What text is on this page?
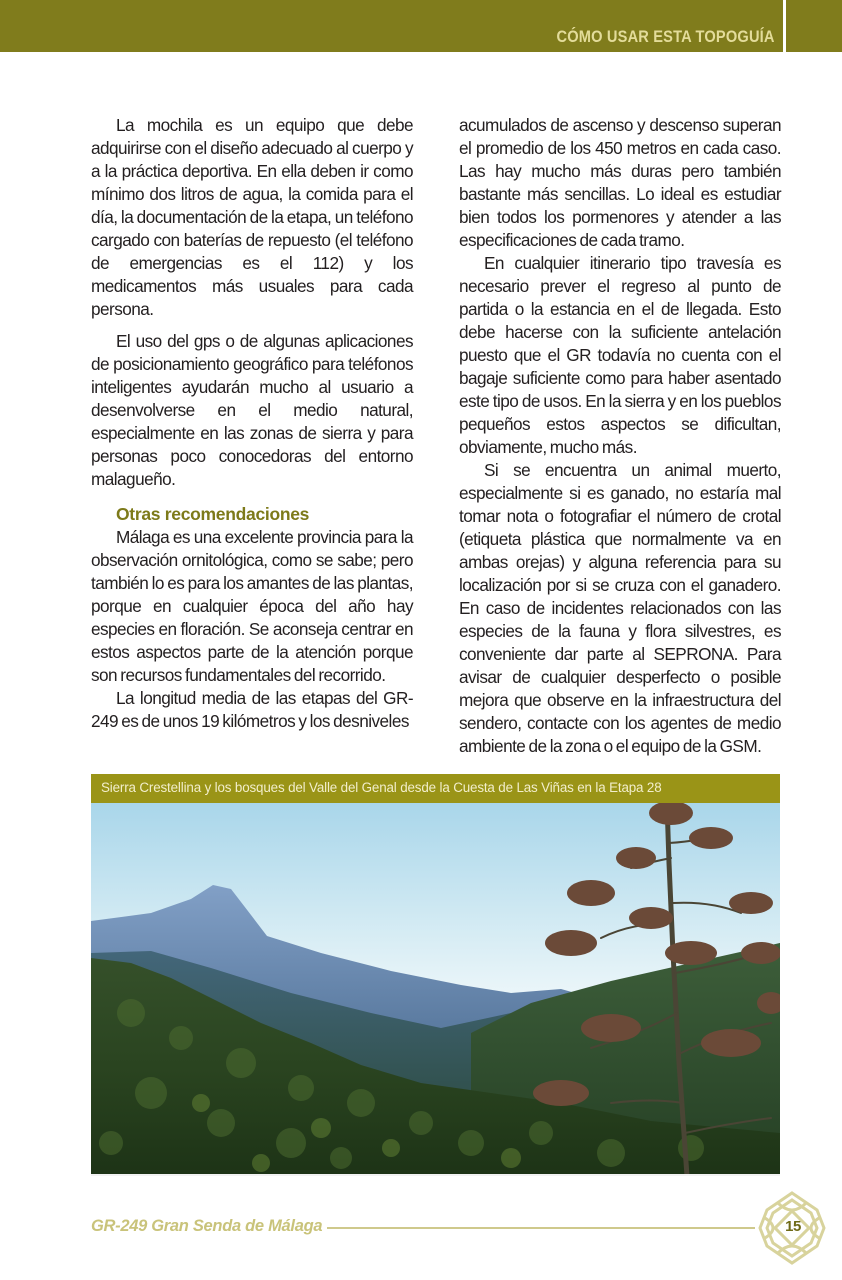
CÓMO USAR ESTA TOPOGUÍA

La mochila es un equipo que debe adquirirse con el diseño adecuado al cuerpo y a la práctica deportiva. En ella deben ir como mínimo dos litros de agua, la comida para el día, la documentación de la etapa, un teléfono cargado con baterías de repuesto (el teléfono de emergencias es el 112) y los medicamentos más usuales para cada persona.

El uso del gps o de algunas aplicaciones de posicionamiento geográfico para teléfonos inteligentes ayudarán mucho al usuario a desenvolverse en el medio natural, especialmente en las zonas de sierra y para personas poco conocedoras del entorno malagueño.

Otras recomendaciones

Málaga es una excelente provincia para la observación ornitológica, como se sabe; pero también lo es para los amantes de las plantas, porque en cualquier época del año hay especies en floración. Se aconseja centrar en estos aspectos parte de la atención porque son recursos fundamentales del recorrido.

La longitud media de las etapas del GR-249 es de unos 19 kilómetros y los desniveles

acumulados de ascenso y descenso superan el promedio de los 450 metros en cada caso. Las hay mucho más duras pero también bastante más sencillas. Lo ideal es estudiar bien todos los pormenores y atender a las especificaciones de cada tramo.

En cualquier itinerario tipo travesía es necesario prever el regreso al punto de partida o la estancia en el de llegada. Esto debe hacerse con la suficiente antelación puesto que el GR todavía no cuenta con el bagaje suficiente como para haber asentado este tipo de usos. En la sierra y en los pueblos pequeños estos aspectos se dificultan, obviamente, mucho más.

Si se encuentra un animal muerto, especialmente si es ganado, no estaría mal tomar nota o fotografiar el número de crotal (etiqueta plástica que normalmente va en ambas orejas) y alguna referencia para su localización por si se cruza con el ganadero. En caso de incidentes relacionados con las especies de la fauna y flora silvestres, es conveniente dar parte al SEPRONA. Para avisar de cualquier desperfecto o posible mejora que observe en la infraestructura del sendero, contacte con los agentes de medio ambiente de la zona o el equipo de la GSM.

Sierra Crestellina y los bosques del Valle del Genal desde la Cuesta de Las Viñas en la Etapa 28
GR-249 Gran Senda de Málaga	15
